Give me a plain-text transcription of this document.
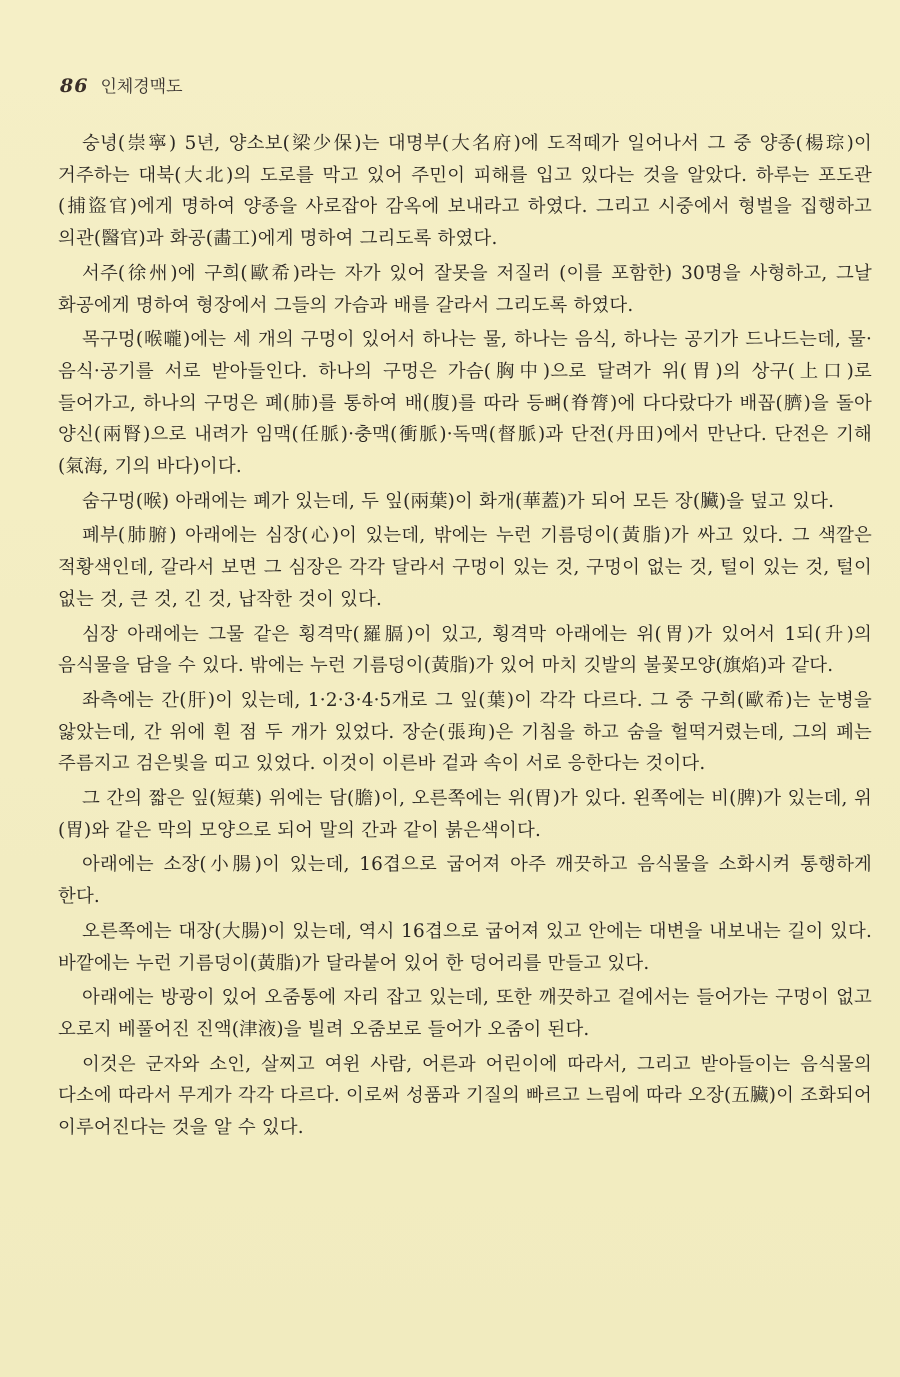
86 인체경맥도

숭녕(崇寧) 5년, 양소보(梁少保)는 대명부(大名府)에 도적떼가 일어나서 그 중 양종(楊琮)이 거주하는 대북(大北)의 도로를 막고 있어 주민이 피해를 입고 있다는 것을 알았다. 하루는 포도관(捕盜官)에게 명하여 양종을 사로잡아 감옥에 보내라고 하였다. 그리고 시중에서 형벌을 집행하고 의관(醫官)과 화공(畵工)에게 명하여 그리도록 하였다.

서주(徐州)에 구희(歐希)라는 자가 있어 잘못을 저질러 (이를 포함한) 30명을 사형하고, 그날 화공에게 명하여 형장에서 그들의 가슴과 배를 갈라서 그리도록 하였다.

목구멍(喉嚨)에는 세 개의 구멍이 있어서 하나는 물, 하나는 음식, 하나는 공기가 드나드는데, 물·음식·공기를 서로 받아들인다. 하나의 구멍은 가슴(胸中)으로 달려가 위(胃)의 상구(上口)로 들어가고, 하나의 구멍은 폐(肺)를 통하여 배(腹)를 따라 등뼈(脊膂)에 다다랐다가 배꼽(臍)을 돌아 양신(兩腎)으로 내려가 임맥(任脈)·충맥(衝脈)·독맥(督脈)과 단전(丹田)에서 만난다. 단전은 기해(氣海, 기의 바다)이다.

숨구멍(喉) 아래에는 폐가 있는데, 두 잎(兩葉)이 화개(華蓋)가 되어 모든 장(臟)을 덮고 있다.

폐부(肺腑) 아래에는 심장(心)이 있는데, 밖에는 누런 기름덩이(黃脂)가 싸고 있다. 그 색깔은 적황색인데, 갈라서 보면 그 심장은 각각 달라서 구멍이 있는 것, 구멍이 없는 것, 털이 있는 것, 털이 없는 것, 큰 것, 긴 것, 납작한 것이 있다.

심장 아래에는 그물 같은 횡격막(羅膈)이 있고, 횡격막 아래에는 위(胃)가 있어서 1되(升)의 음식물을 담을 수 있다. 밖에는 누런 기름덩이(黃脂)가 있어 마치 깃발의 불꽃모양(旗焰)과 같다.

좌측에는 간(肝)이 있는데, 1·2·3·4·5개로 그 잎(葉)이 각각 다르다. 그 중 구희(歐希)는 눈병을 앓았는데, 간 위에 흰 점 두 개가 있었다. 장순(張珣)은 기침을 하고 숨을 헐떡거렸는데, 그의 폐는 주름지고 검은빛을 띠고 있었다. 이것이 이른바 겉과 속이 서로 응한다는 것이다.

그 간의 짧은 잎(短葉) 위에는 담(膽)이, 오른쪽에는 위(胃)가 있다. 왼쪽에는 비(脾)가 있는데, 위(胃)와 같은 막의 모양으로 되어 말의 간과 같이 붉은색이다.

아래에는 소장(小腸)이 있는데, 16겹으로 굽어져 아주 깨끗하고 음식물을 소화시켜 통행하게 한다.

오른쪽에는 대장(大腸)이 있는데, 역시 16겹으로 굽어져 있고 안에는 대변을 내보내는 길이 있다. 바깥에는 누런 기름덩이(黃脂)가 달라붙어 있어 한 덩어리를 만들고 있다.

아래에는 방광이 있어 오줌통에 자리 잡고 있는데, 또한 깨끗하고 겉에서는 들어가는 구멍이 없고 오로지 베풀어진 진액(津液)을 빌려 오줌보로 들어가 오줌이 된다.

이것은 군자와 소인, 살찌고 여윈 사람, 어른과 어린이에 따라서, 그리고 받아들이는 음식물의 다소에 따라서 무게가 각각 다르다. 이로써 성품과 기질의 빠르고 느림에 따라 오장(五臟)이 조화되어 이루어진다는 것을 알 수 있다.
